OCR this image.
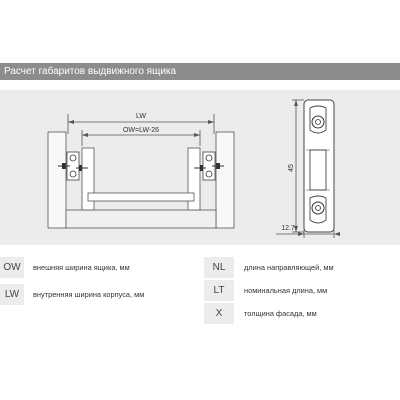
Расчет габаритов выдвижного ящика
LW
OW=LW-26
45
12.7
OW	внешняя ширина ящика, мм
LW	внутренняя ширина корпуса, мм
NL	длина направляющей, мм
LT	номинальная длина, мм
X	толщина фасада, мм
